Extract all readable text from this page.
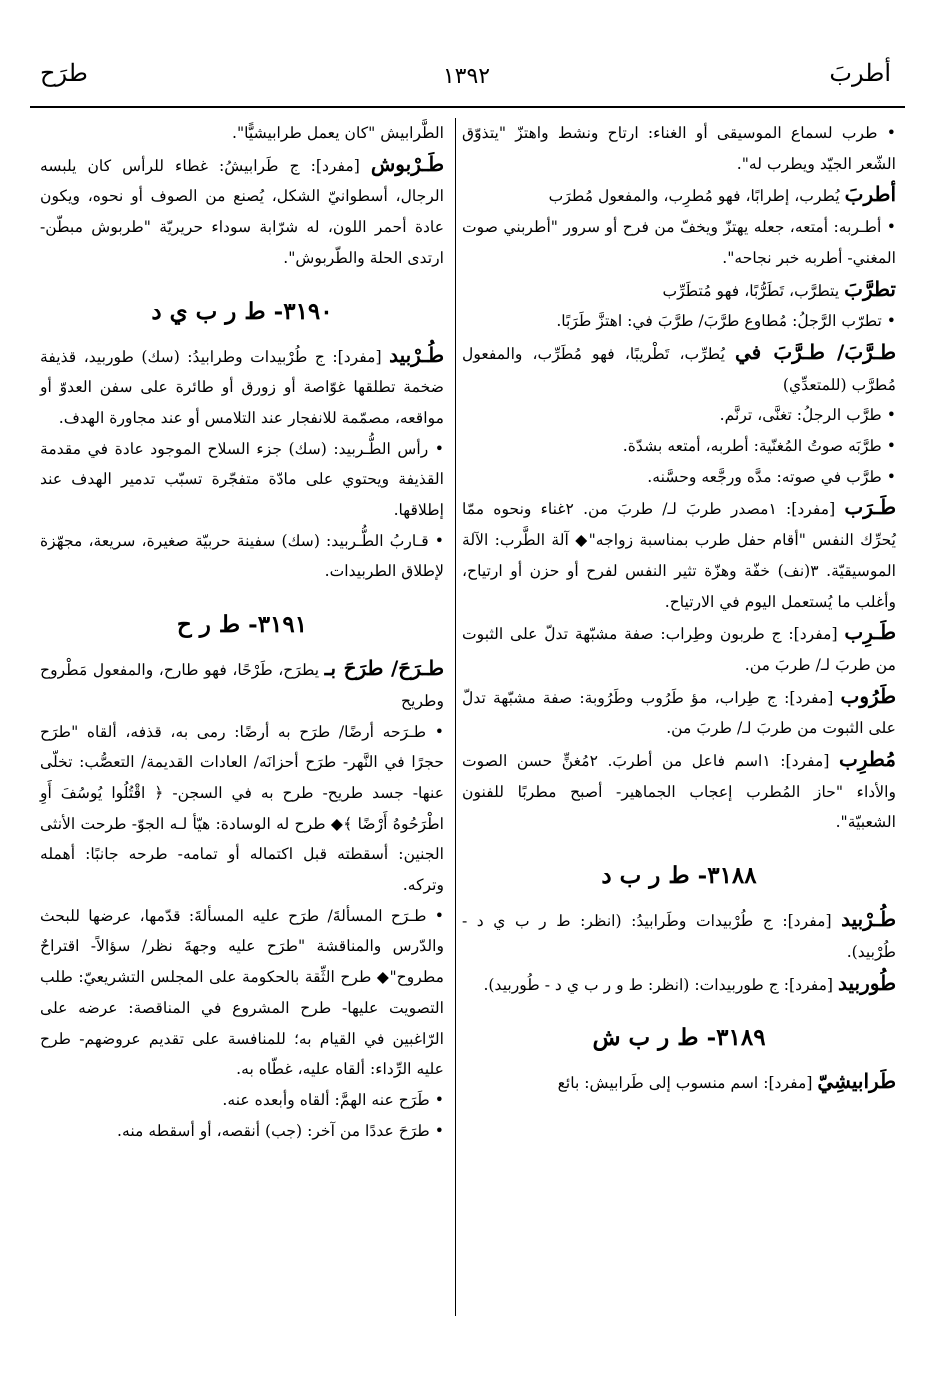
أطربَ
١٣٩٢
طرَح

• طرب لسماع الموسيقى أو الغناء: ارتاح ونشط واهتزّ "يتذوّق الشّعر الجيّد ويطرب له".

أطربَ يُطرب، إطرابًا، فهو مُطرِب، والمفعول مُطرَب

• أطـربه: أمتعه، جعله يهتزّ ويخفّ من فرح أو سرور "أطربني صوت المغني- أطربه خبر نجاحه".

تطرَّبَ يتطرَّب، تَطَرُّبًا، فهو مُتطَرِّب

• تطرّب الرَّجلُ: مُطاوع طرَّبَ/ طرَّبَ في: اهتزَّ طَرَبًا.

طـرَّبَ/ طـرَّبَ في يُطرِّب، تَطْريبًا، فهو مُطَرِّب، والمفعول مُطرَّب (للمتعدِّي)

• طرَّب الرجلُ: تغنَّى، ترنَّم.

• طرَّبَه صوتُ المُغنّية: أطربه، أمتعه بشدّة.

• طرَّب في صوته: مدَّه ورجَّعه وحسَّنه.

طَـرَب [مفرد]: ١مصدر طربَ لـ/ طربَ من. ٢غناء ونحوه ممّا يُحرِّك النفس "أقام حفل طرب بمناسبة زواجه"◆ آلة الطَّرب: الآلة الموسيقيّة. ٣(نف) خفّة وهزّة تثير النفس لفرح أو حزن أو ارتياح، وأغلب ما يُستعمل اليوم في الارتياح.

طَـرِب [مفرد]: ج طربون وطِراب: صفة مشبّهة تدلّ على الثبوت من طربَ لـ/ طربَ من.

طَرُوب [مفرد]: ج طِراب، مؤ طَرُوب وطَرُوبة: صفة مشبّهة تدلّ على الثبوت من طربَ لـ/ طربَ من.

مُطرِب [مفرد]: ١اسم فاعل من أطربَ. ٢مُغنٍّ حسن الصوت والأداء "حاز المُطرب إعجاب الجماهير- أصبح مطربًا للفنون الشعبيّة".

٣١٨٨- ط ر ب د

طُـرْبيد [مفرد]: ج طُرْبيدات وطَرابيدُ: (انظر: ط ر ب ي د - طُرْبيد).

طُوربيد [مفرد]: ج طوربيدات: (انظر: ط و ر ب ي د - طُوربيد).

٣١٨٩- ط ر ب ش

طَرابيشِيّ [مفرد]: اسم منسوب إلى طَرابيش: بائع

الطَّرابيش "كان يعمل طرابيشيًّا".

طَـرْبوش [مفرد]: ج طَرابيشُ: غطاء للرأس كان يلبسه الرجال، أسطوانيّ الشكل، يُصنع من الصوف أو نحوه، ويكون عادة أحمر اللون، له شرّابة سوداء حريريّة "طربوش مبطّن- ارتدى الحلة والطّربوش".

٣١٩٠- ط ر ب ي د

طُـرْبيد [مفرد]: ج طُرْبيدات وطرابيدُ: (سك) طوربيد، قذيفة ضخمة تطلقها غوّاصة أو زورق أو طائرة على سفن العدوّ أو مواقعه، مصمّمة للانفجار عند التلامس أو عند مجاورة الهدف.

• رأس الطُّـربيد: (سك) جزء السلاح الموجود عادة في مقدمة القذيفة ويحتوي على مادّة متفجّرة تسبّب تدمير الهدف عند إطلاقها.

• قـاربُ الطُّـربيد: (سك) سفينة حربيّة صغيرة، سريعة، مجهّزة لإطلاق الطربيدات.

٣١٩١- ط ر ح

طـرَحَ/ طرَحَ بـ يطرَح، طَرْحًا، فهو طارح، والمفعول مَطْروح وطريح

• طـرَحه أرضًا/ طرَح به أرضًا: رمى به، قذفه، ألقاه "طرَح حجرًا في النَّهر- طرَح أحزانَه/ العادات القديمة/ التعصُّب: تخلّى عنها- جسد طريح- طرح به في السجن- ﴿ اقْتُلُوا يُوسُفَ أَوِ اطْرَحُوهُ أَرْضًا ﴾◆ طرح له الوسادة: هيّأ لـه الجوّ- طرحت الأنثى الجنين: أسقطته قبل اكتماله أو تمامه- طرحه جانبًا: أهمله وتركه.

• طـرَح المسألةَ/ طرَح عليه المسألةَ: قدّمها، عرضها للبحث والدّرس والمناقشة "طرَح عليه وجهةَ نظر/ سؤالاً- اقتراحٌ مطروح"◆ طرح الثِّقة بالحكومة على المجلس التشريعيّ: طلب التصويت عليها- طرح المشروع في المناقصة: عرضه على الرّاغبين في القيام به؛ للمنافسة على تقديم عروضهم- طرح عليه الرِّداء: ألقاه عليه، غطّاه به.

• طَرَح عنه الهمَّ: ألقاه وأبعده عنه.

• طرَحَ عددًا من آخر: (جب) أنقصه، أو أسقطه منه.
